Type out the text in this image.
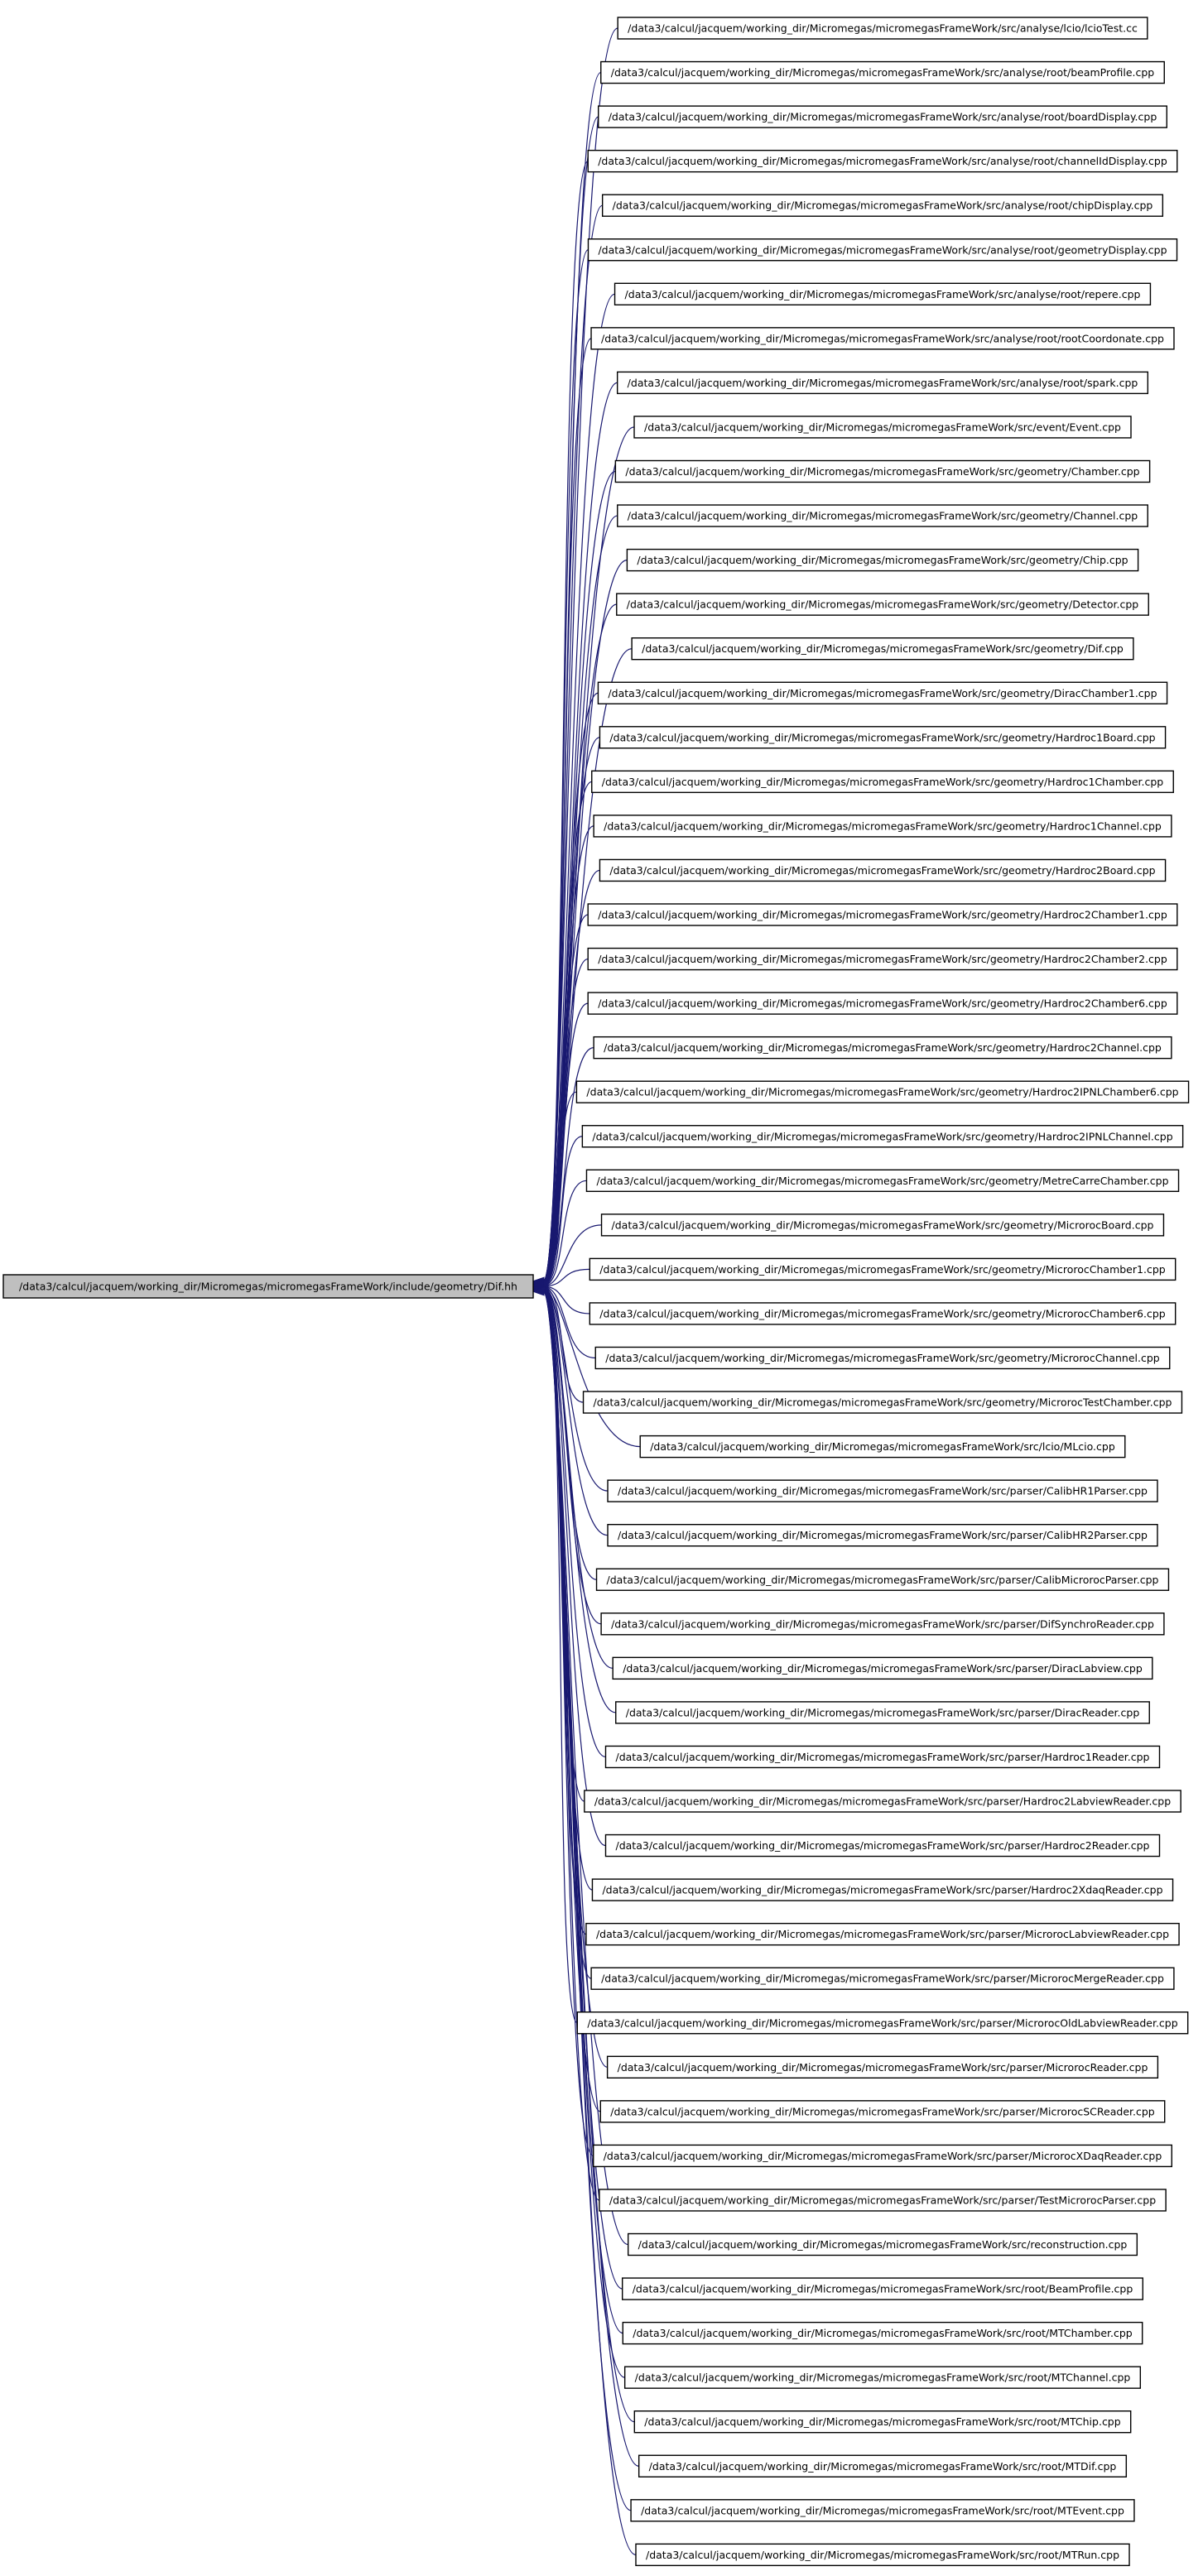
/data3/calcul/jacquem/working_dir/Micromegas/micromegasFrameWork/include/geometry/Dif.hh
/data3/calcul/jacquem/working_dir/Micromegas/micromegasFrameWork/src/analyse/lcio/lcioTest.cc
/data3/calcul/jacquem/working_dir/Micromegas/micromegasFrameWork/src/analyse/root/beamProfile.cpp
/data3/calcul/jacquem/working_dir/Micromegas/micromegasFrameWork/src/analyse/root/boardDisplay.cpp
/data3/calcul/jacquem/working_dir/Micromegas/micromegasFrameWork/src/analyse/root/channelIdDisplay.cpp
/data3/calcul/jacquem/working_dir/Micromegas/micromegasFrameWork/src/analyse/root/chipDisplay.cpp
/data3/calcul/jacquem/working_dir/Micromegas/micromegasFrameWork/src/analyse/root/geometryDisplay.cpp
/data3/calcul/jacquem/working_dir/Micromegas/micromegasFrameWork/src/analyse/root/repere.cpp
/data3/calcul/jacquem/working_dir/Micromegas/micromegasFrameWork/src/analyse/root/rootCoordonate.cpp
/data3/calcul/jacquem/working_dir/Micromegas/micromegasFrameWork/src/analyse/root/spark.cpp
/data3/calcul/jacquem/working_dir/Micromegas/micromegasFrameWork/src/event/Event.cpp
/data3/calcul/jacquem/working_dir/Micromegas/micromegasFrameWork/src/geometry/Chamber.cpp
/data3/calcul/jacquem/working_dir/Micromegas/micromegasFrameWork/src/geometry/Channel.cpp
/data3/calcul/jacquem/working_dir/Micromegas/micromegasFrameWork/src/geometry/Chip.cpp
/data3/calcul/jacquem/working_dir/Micromegas/micromegasFrameWork/src/geometry/Detector.cpp
/data3/calcul/jacquem/working_dir/Micromegas/micromegasFrameWork/src/geometry/Dif.cpp
/data3/calcul/jacquem/working_dir/Micromegas/micromegasFrameWork/src/geometry/DiracChamber1.cpp
/data3/calcul/jacquem/working_dir/Micromegas/micromegasFrameWork/src/geometry/Hardroc1Board.cpp
/data3/calcul/jacquem/working_dir/Micromegas/micromegasFrameWork/src/geometry/Hardroc1Chamber.cpp
/data3/calcul/jacquem/working_dir/Micromegas/micromegasFrameWork/src/geometry/Hardroc1Channel.cpp
/data3/calcul/jacquem/working_dir/Micromegas/micromegasFrameWork/src/geometry/Hardroc2Board.cpp
/data3/calcul/jacquem/working_dir/Micromegas/micromegasFrameWork/src/geometry/Hardroc2Chamber1.cpp
/data3/calcul/jacquem/working_dir/Micromegas/micromegasFrameWork/src/geometry/Hardroc2Chamber2.cpp
/data3/calcul/jacquem/working_dir/Micromegas/micromegasFrameWork/src/geometry/Hardroc2Chamber6.cpp
/data3/calcul/jacquem/working_dir/Micromegas/micromegasFrameWork/src/geometry/Hardroc2Channel.cpp
/data3/calcul/jacquem/working_dir/Micromegas/micromegasFrameWork/src/geometry/Hardroc2IPNLChamber6.cpp
/data3/calcul/jacquem/working_dir/Micromegas/micromegasFrameWork/src/geometry/Hardroc2IPNLChannel.cpp
/data3/calcul/jacquem/working_dir/Micromegas/micromegasFrameWork/src/geometry/MetreCarreChamber.cpp
/data3/calcul/jacquem/working_dir/Micromegas/micromegasFrameWork/src/geometry/MicrorocBoard.cpp
/data3/calcul/jacquem/working_dir/Micromegas/micromegasFrameWork/src/geometry/MicrorocChamber1.cpp
/data3/calcul/jacquem/working_dir/Micromegas/micromegasFrameWork/src/geometry/MicrorocChamber6.cpp
/data3/calcul/jacquem/working_dir/Micromegas/micromegasFrameWork/src/geometry/MicrorocChannel.cpp
/data3/calcul/jacquem/working_dir/Micromegas/micromegasFrameWork/src/geometry/MicrorocTestChamber.cpp
/data3/calcul/jacquem/working_dir/Micromegas/micromegasFrameWork/src/lcio/MLcio.cpp
/data3/calcul/jacquem/working_dir/Micromegas/micromegasFrameWork/src/parser/CalibHR1Parser.cpp
/data3/calcul/jacquem/working_dir/Micromegas/micromegasFrameWork/src/parser/CalibHR2Parser.cpp
/data3/calcul/jacquem/working_dir/Micromegas/micromegasFrameWork/src/parser/CalibMicrorocParser.cpp
/data3/calcul/jacquem/working_dir/Micromegas/micromegasFrameWork/src/parser/DifSynchroReader.cpp
/data3/calcul/jacquem/working_dir/Micromegas/micromegasFrameWork/src/parser/DiracLabview.cpp
/data3/calcul/jacquem/working_dir/Micromegas/micromegasFrameWork/src/parser/DiracReader.cpp
/data3/calcul/jacquem/working_dir/Micromegas/micromegasFrameWork/src/parser/Hardroc1Reader.cpp
/data3/calcul/jacquem/working_dir/Micromegas/micromegasFrameWork/src/parser/Hardroc2LabviewReader.cpp
/data3/calcul/jacquem/working_dir/Micromegas/micromegasFrameWork/src/parser/Hardroc2Reader.cpp
/data3/calcul/jacquem/working_dir/Micromegas/micromegasFrameWork/src/parser/Hardroc2XdaqReader.cpp
/data3/calcul/jacquem/working_dir/Micromegas/micromegasFrameWork/src/parser/MicrorocLabviewReader.cpp
/data3/calcul/jacquem/working_dir/Micromegas/micromegasFrameWork/src/parser/MicrorocMergeReader.cpp
/data3/calcul/jacquem/working_dir/Micromegas/micromegasFrameWork/src/parser/MicrorocOldLabviewReader.cpp
/data3/calcul/jacquem/working_dir/Micromegas/micromegasFrameWork/src/parser/MicrorocReader.cpp
/data3/calcul/jacquem/working_dir/Micromegas/micromegasFrameWork/src/parser/MicrorocSCReader.cpp
/data3/calcul/jacquem/working_dir/Micromegas/micromegasFrameWork/src/parser/MicrorocXDaqReader.cpp
/data3/calcul/jacquem/working_dir/Micromegas/micromegasFrameWork/src/parser/TestMicrorocParser.cpp
/data3/calcul/jacquem/working_dir/Micromegas/micromegasFrameWork/src/reconstruction.cpp
/data3/calcul/jacquem/working_dir/Micromegas/micromegasFrameWork/src/root/BeamProfile.cpp
/data3/calcul/jacquem/working_dir/Micromegas/micromegasFrameWork/src/root/MTChamber.cpp
/data3/calcul/jacquem/working_dir/Micromegas/micromegasFrameWork/src/root/MTChannel.cpp
/data3/calcul/jacquem/working_dir/Micromegas/micromegasFrameWork/src/root/MTChip.cpp
/data3/calcul/jacquem/working_dir/Micromegas/micromegasFrameWork/src/root/MTDif.cpp
/data3/calcul/jacquem/working_dir/Micromegas/micromegasFrameWork/src/root/MTEvent.cpp
/data3/calcul/jacquem/working_dir/Micromegas/micromegasFrameWork/src/root/MTRun.cpp
